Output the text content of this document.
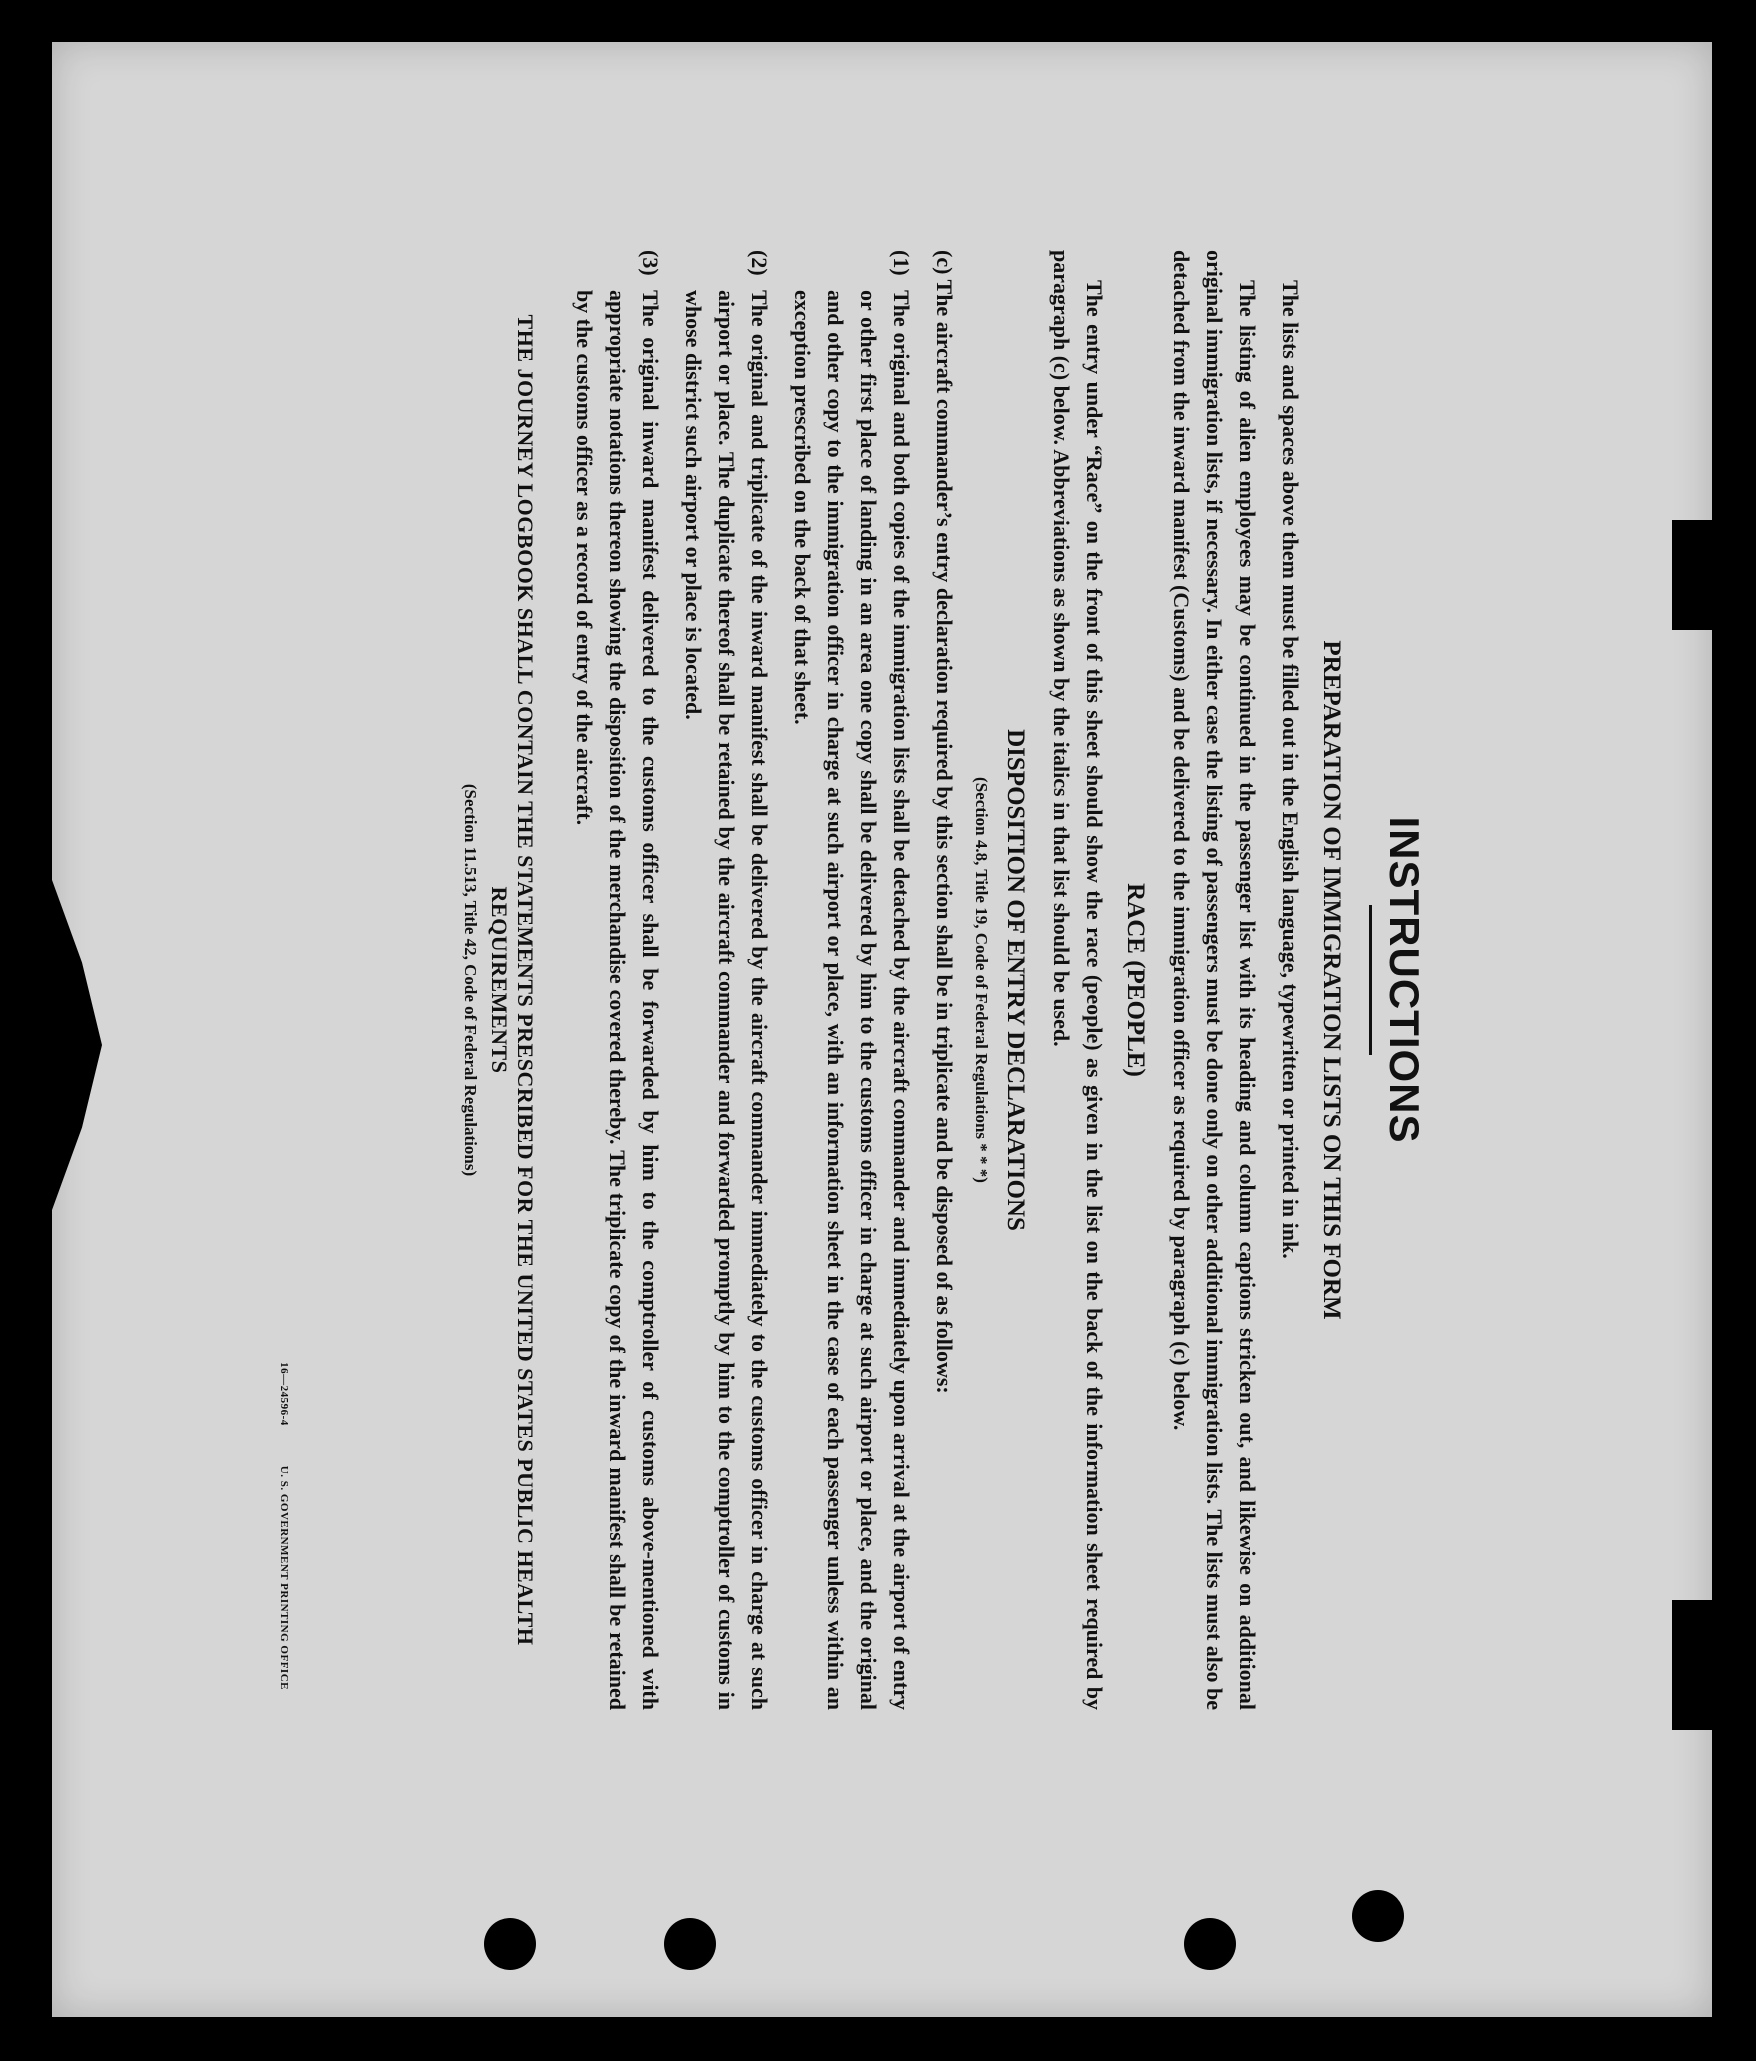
INSTRUCTIONS
PREPARATION OF IMMIGRATION LISTS ON THIS FORM

The lists and spaces above them must be filled out in the English language, typewritten or printed in ink.

The listing of alien employees may be continued in the passenger list with its heading and column captions stricken out, and likewise on additional original immigration lists, if necessary. In either case the listing of passengers must be done only on other additional immigration lists. The lists must also be detached from the inward manifest (Customs) and be delivered to the immigration officer as required by paragraph (c) below.

RACE (PEOPLE)

The entry under “Race” on the front of this sheet should show the race (people) as given in the list on the back of the information sheet required by paragraph (c) below. Abbreviations as shown by the italics in that list should be used.

DISPOSITION OF ENTRY DECLARATIONS
(Section 4.8, Title 19, Code of Federal Regulations * * *)

(c) The aircraft commander’s entry declaration required by this section shall be in triplicate and be disposed of as follows:

(1)
The original and both copies of the immigration lists shall be detached by the aircraft commander and immediately upon arrival at the airport of entry or other first place of landing in an area one copy shall be delivered by him to the customs officer in charge at such airport or place, and the original and other copy to the immigration officer in charge at such airport or place, with an information sheet in the case of each passenger unless within an exception prescribed on the back of that sheet.
(2)
The original and triplicate of the inward manifest shall be delivered by the aircraft commander immediately to the customs officer in charge at such airport or place. The duplicate thereof shall be retained by the aircraft commander and forwarded promptly by him to the comptroller of customs in whose district such airport or place is located.
(3)
The original inward manifest delivered to the customs officer shall be forwarded by him to the comptroller of customs above-mentioned with appropriate notations thereon showing the disposition of the merchandise covered thereby. The triplicate copy of the inward manifest shall be retained by the customs officer as a record of entry of the aircraft.
THE JOURNEY LOGBOOK SHALL CONTAIN THE STATEMENTS PRESCRIBED FOR THE UNITED STATES PUBLIC HEALTH REQUIREMENTS
(Section 11.513, Title 42, Code of Federal Regulations)
16—24596-4
U. S. GOVERNMENT PRINTING OFFICE
